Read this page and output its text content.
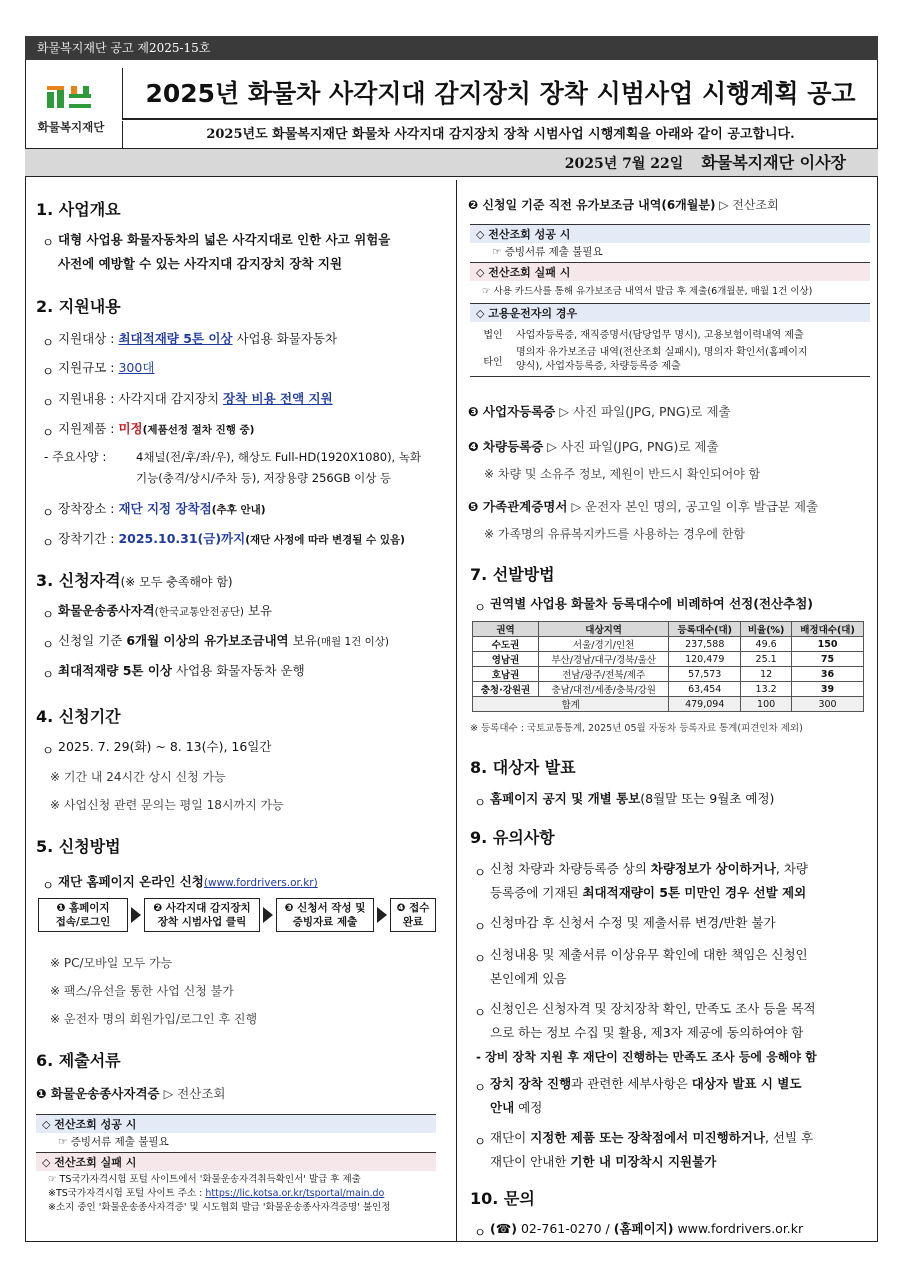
화물복지재단 공고 제2025-15호
화물복지재단
2025년 화물차 사각지대 감지장치 장착 시범사업 시행계획 공고
2025년도 화물복지재단 화물차 사각지대 감지장치 장착 시범사업 시행계획을 아래와 같이 공고합니다.
2025년 7월 22일 화물복지재단 이사장
1. 사업개요
ㅇ 대형 사업용 화물자동차의 넓은 사각지대로 인한 사고 위험을
사전에 예방할 수 있는 사각지대 감지장치 장착 지원
2. 지원내용
ㅇ 지원대상 : 최대적재량 5톤 이상 사업용 화물자동차
ㅇ 지원규모 : 300대
ㅇ 지원내용 : 사각지대 감지장치 장착 비용 전액 지원
ㅇ 지원제품 : 미정(제품선정 절차 진행 중)
- 주요사양 :	4채널(전/후/좌/우), 해상도 Full-HD(1920X1080), 녹화
기능(충격/상시/주차 등), 저장용량 256GB 이상 등
ㅇ 장착장소 : 재단 지정 장착점(추후 안내)
ㅇ 장착기간 : 2025.10.31(금)까지(재단 사정에 따라 변경될 수 있음)
3. 신청자격(※ 모두 충족해야 함)
ㅇ 화물운송종사자격(한국교통안전공단) 보유
ㅇ 신청일 기준 6개월 이상의 유가보조금내역 보유(매월 1건 이상)
ㅇ 최대적재량 5톤 이상 사업용 화물자동차 운행
4. 신청기간
ㅇ 2025. 7. 29(화) ~ 8. 13(수), 16일간
※ 기간 내 24시간 상시 신청 가능
※ 사업신청 관련 문의는 평일 18시까지 가능
5. 신청방법
ㅇ 재단 홈페이지 온라인 신청(www.fordrivers.or.kr)
❶ 홈페이지
접속/로그인
❷ 사각지대 감지장치
장착 시범사업 클릭
❸ 신청서 작성 및
증빙자료 제출
❹ 접수
완료
※ PC/모바일 모두 가능
※ 팩스/유선을 통한 사업 신청 불가
※ 운전자 명의 회원가입/로그인 후 진행
6. 제출서류
❶ 화물운송종사자격증 ▷ 전산조회
◇ 전산조회 성공 시
☞ 증빙서류 제출 불필요
◇ 전산조회 실패 시
☞ TS국가자격시험 포털 사이트에서 '화물운송자격취득확인서' 발급 후 제출
※TS국가자격시험 포털 사이트 주소 : https://lic.kotsa.or.kr/tsportal/main.do
※소지 중인 '화물운송종사자격증' 및 시도협회 발급 '화물운송종사자격증명' 불인정
❷ 신청일 기준 직전 유가보조금 내역(6개월분) ▷ 전산조회
◇ 전산조회 성공 시
☞ 증빙서류 제출 불필요
◇ 전산조회 실패 시
☞ 사용 카드사를 통해 유가보조금 내역서 발급 후 제출(6개월분, 매월 1건 이상)
◇ 고용운전자의 경우
법인	사업자등록증, 재직증명서(담당업무 명시), 고용보험이력내역 제출
타인
명의자 유가보조금 내역(전산조회 실패시), 명의자 확인서(홈페이지
양식), 사업자등록증, 차량등록증 제출
❸ 사업자등록증 ▷ 사진 파일(JPG, PNG)로 제출
❹ 차량등록증 ▷ 사진 파일(JPG, PNG)로 제출
※ 차량 및 소유주 정보, 제원이 반드시 확인되어야 함
❺ 가족관계증명서 ▷ 운전자 본인 명의, 공고일 이후 발급분 제출
※ 가족명의 유류복지카드를 사용하는 경우에 한함
7. 선발방법
ㅇ 권역별 사업용 화물차 등록대수에 비례하여 선정(전산추첨)
권역	대상지역	등록대수(대)	비율(%)	배정대수(대)
수도권	서울/경기/인천	237,588	49.6	150
영남권	부산/경남/대구/경북/울산	120,479	25.1	75
호남권	전남/광주/전북/제주	57,573	12	36
충청·강원권	충남/대전/세종/충북/강원	63,454	13.2	39
합계		479,094	100	300
※ 등록대수 : 국토교통통계, 2025년 05월 자동차 등록자료 통계(피견인차 제외)
8. 대상자 발표
ㅇ 홈페이지 공지 및 개별 통보(8월말 또는 9월초 예정)
9. 유의사항
ㅇ 신청 차량과 차량등록증 상의 차량정보가 상이하거나, 차량
등록증에 기재된 최대적재량이 5톤 미만인 경우 선발 제외
ㅇ 신청마감 후 신청서 수정 및 제출서류 변경/반환 불가
ㅇ 신청내용 및 제출서류 이상유무 확인에 대한 책임은 신청인
본인에게 있음
ㅇ 신청인은 신청자격 및 장치장착 확인, 만족도 조사 등을 목적
으로 하는 정보 수집 및 활용, 제3자 제공에 동의하여야 함
- 장비 장착 지원 후 재단이 진행하는 만족도 조사 등에 응해야 함
ㅇ 장치 장착 진행과 관련한 세부사항은 대상자 발표 시 별도
안내 예정
ㅇ 재단이 지정한 제품 또는 장착점에서 미진행하거나, 선빌 후
재단이 안내한 기한 내 미장착시 지원불가
10. 문의
ㅇ (☎) 02-761-0270 / (홈페이지) www.fordrivers.or.kr
